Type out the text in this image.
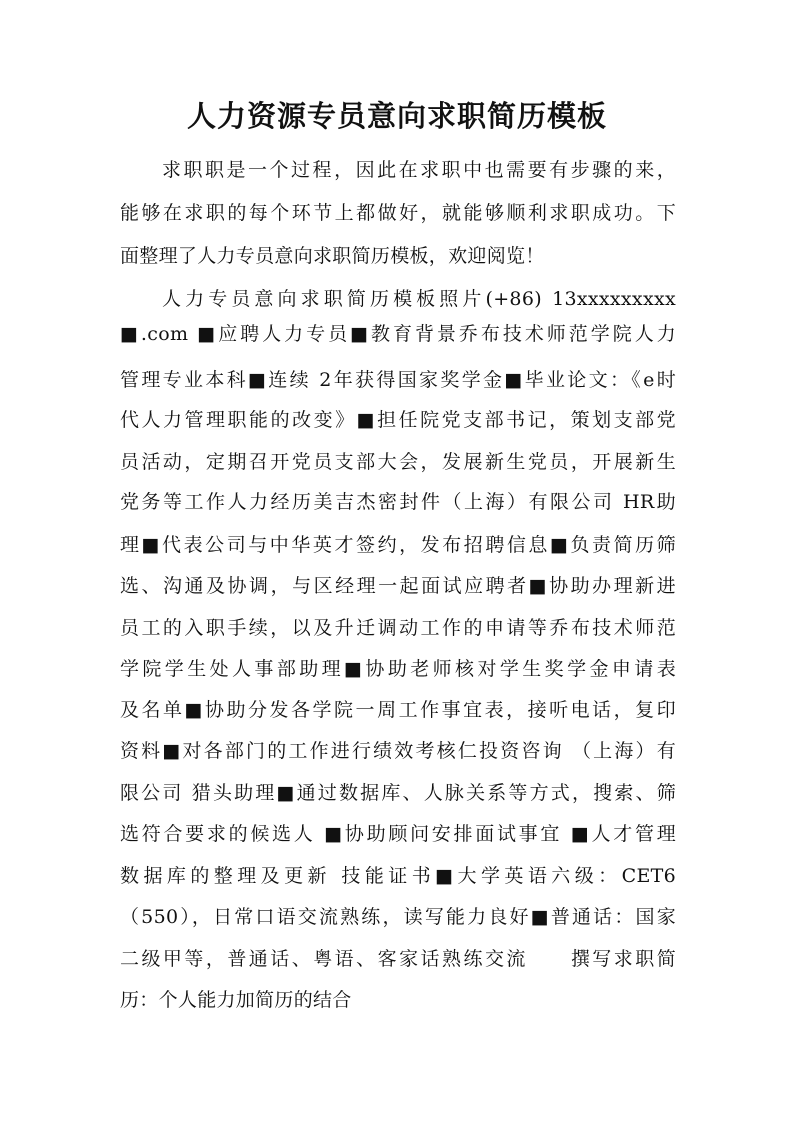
人力资源专员意向求职简历模板
求职职是一个过程，因此在求职中也需要有步骤的来，
能够在求职的每个环节上都做好，就能够顺利求职成功。下
面整理了人力专员意向求职简历模板，欢迎阅览！
人力专员意向求职简历模板照片(+86) 13xxxxxxxxx
■.com ■应聘人力专员■教育背景乔布技术师范学院人力
管理专业本科■连续 2年获得国家奖学金■毕业论文：《e时
代人力管理职能的改变》■担任院党支部书记，策划支部党
员活动，定期召开党员支部大会，发展新生党员，开展新生
党务等工作人力经历美吉杰密封件（上海）有限公司 HR助
理■代表公司与中华英才签约，发布招聘信息■负责简历筛
选、沟通及协调，与区经理一起面试应聘者■协助办理新进
员工的入职手续，以及升迁调动工作的申请等乔布技术师范
学院学生处人事部助理■协助老师核对学生奖学金申请表
及名单■协助分发各学院一周工作事宜表，接听电话，复印
资料■对各部门的工作进行绩效考核仁投资咨询 （上海）有
限公司 猎头助理■通过数据库、人脉关系等方式，搜索、筛
选符合要求的候选人 ■协助顾问安排面试事宜 ■人才管理
数据库的整理及更新 技能证书■大学英语六级：CET6
（550），日常口语交流熟练，读写能力良好■普通话：国家
二级甲等，普通话、粤语、客家话熟练交流　　撰写求职简
历：个人能力加简历的结合
